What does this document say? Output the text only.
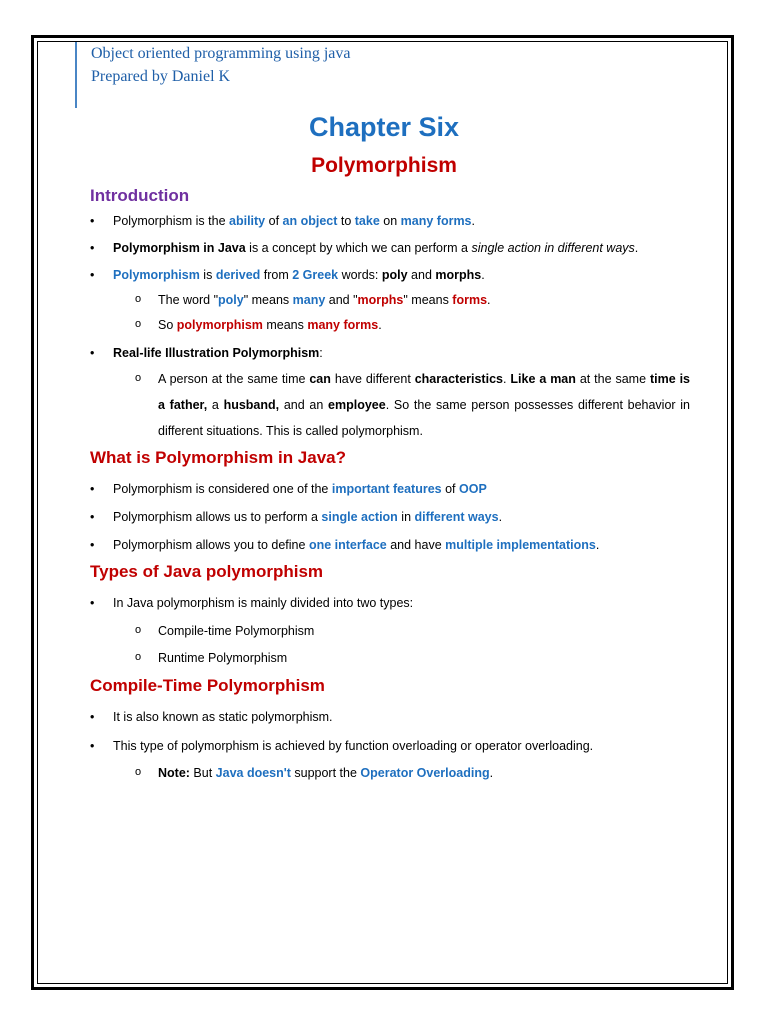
Object oriented programming using java
Prepared by Daniel K
Chapter Six
Polymorphism
Introduction
• Polymorphism is the ability of an object to take on many forms.
• Polymorphism in Java is a concept by which we can perform a single action in different ways.
• Polymorphism is derived from 2 Greek words: poly and morphs.
o The word "poly" means many and "morphs" means forms.
o So polymorphism means many forms.
• Real-life Illustration Polymorphism:
o A person at the same time can have different characteristics. Like a man at the same time is a father, a husband, and an employee. So the same person possesses different behavior in different situations. This is called polymorphism.
What is Polymorphism in Java?
• Polymorphism is considered one of the important features of OOP
• Polymorphism allows us to perform a single action in different ways.
• Polymorphism allows you to define one interface and have multiple implementations.
Types of Java polymorphism
• In Java polymorphism is mainly divided into two types:
o Compile-time Polymorphism
o Runtime Polymorphism
Compile-Time Polymorphism
• It is also known as static polymorphism.
• This type of polymorphism is achieved by function overloading or operator overloading.
o Note: But Java doesn't support the Operator Overloading.
